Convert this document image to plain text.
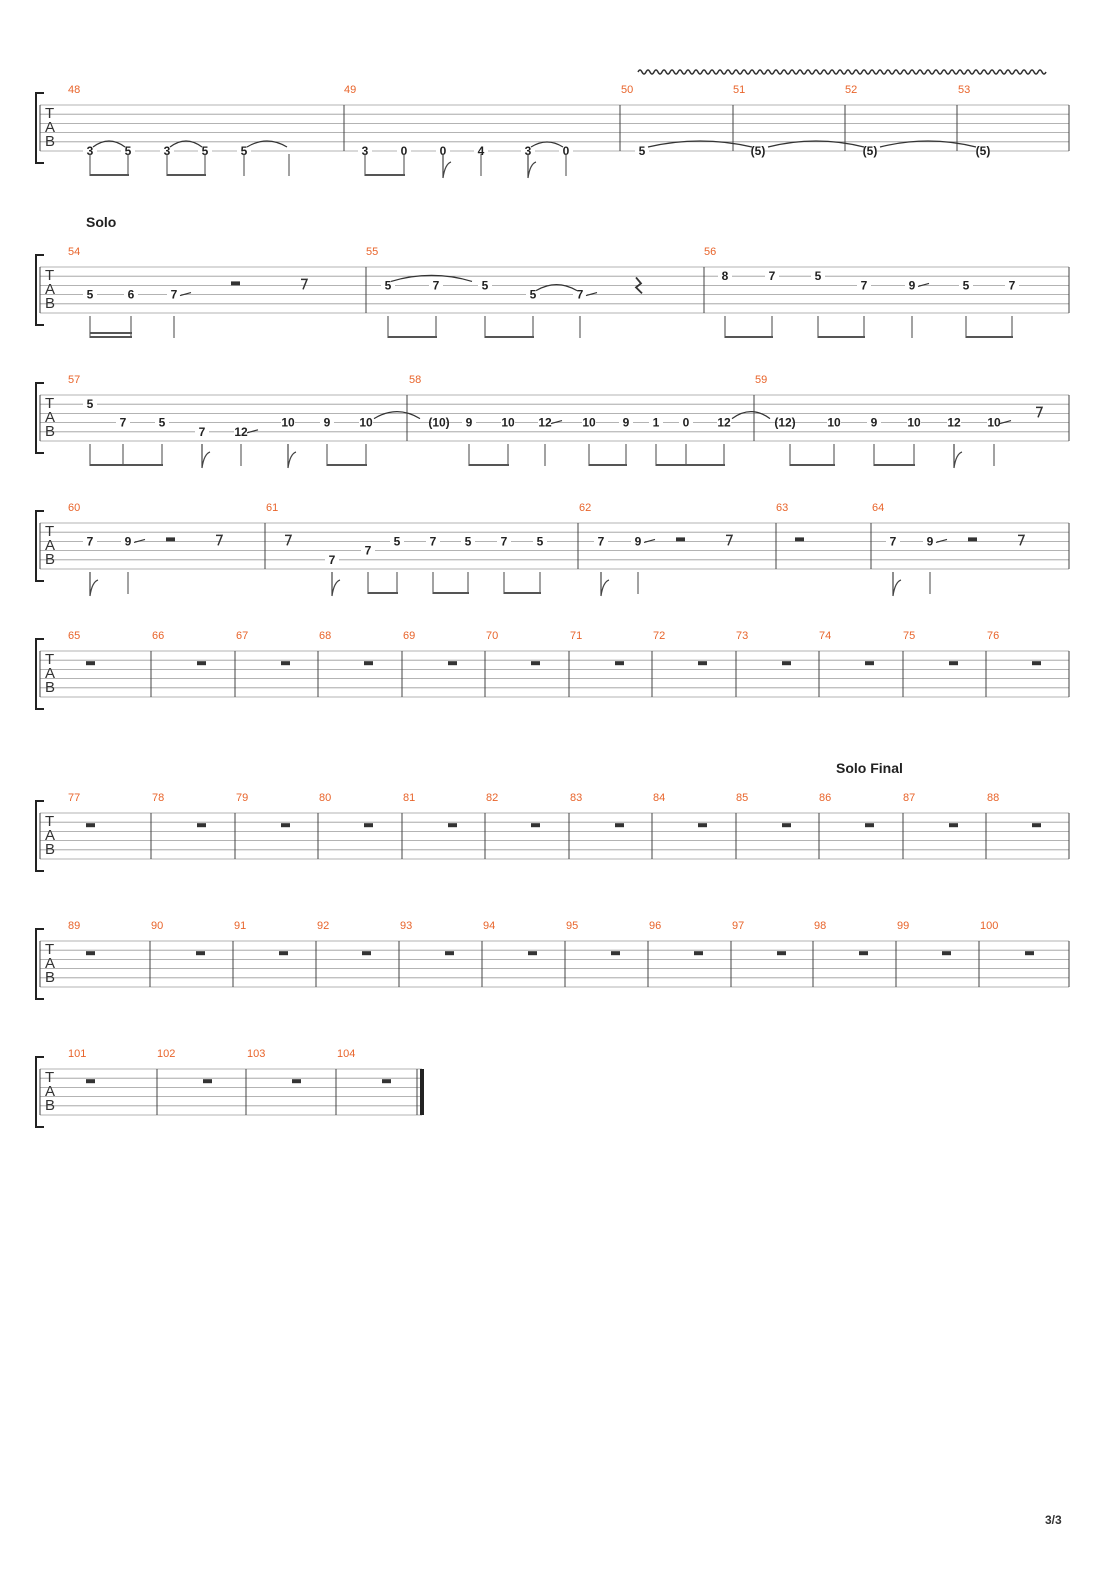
T
A
B
48	49	50	51	52	53
T
A
B
54	55	56
T
A
B
57	58	59
T
A
B
60	61	62	63	64
T
A
B
65	66	67	68	69	70	71	72	73	74	75	76
T
A
B
77	78	79	80	81	82	83	84	85	86	87	88
T
A
B
89	90	91	92	93	94	95	96	97	98	99	100
T
A
B
101	102	103	104
3	5	3	5	5	3	0	0	4	3	0	5	(5)	(5)	(5)
5	6	7
5	7	5
5	7
8	7	5
7	9	5	7
5
7	5
7 12
10 9 10	(10) 9 10 12	10 9 1 0 12	(12)	10 9 10 12 10
7	9
7
7
5 7 5 7 5	7	9	7	9
Solo
Solo Final
3/3
